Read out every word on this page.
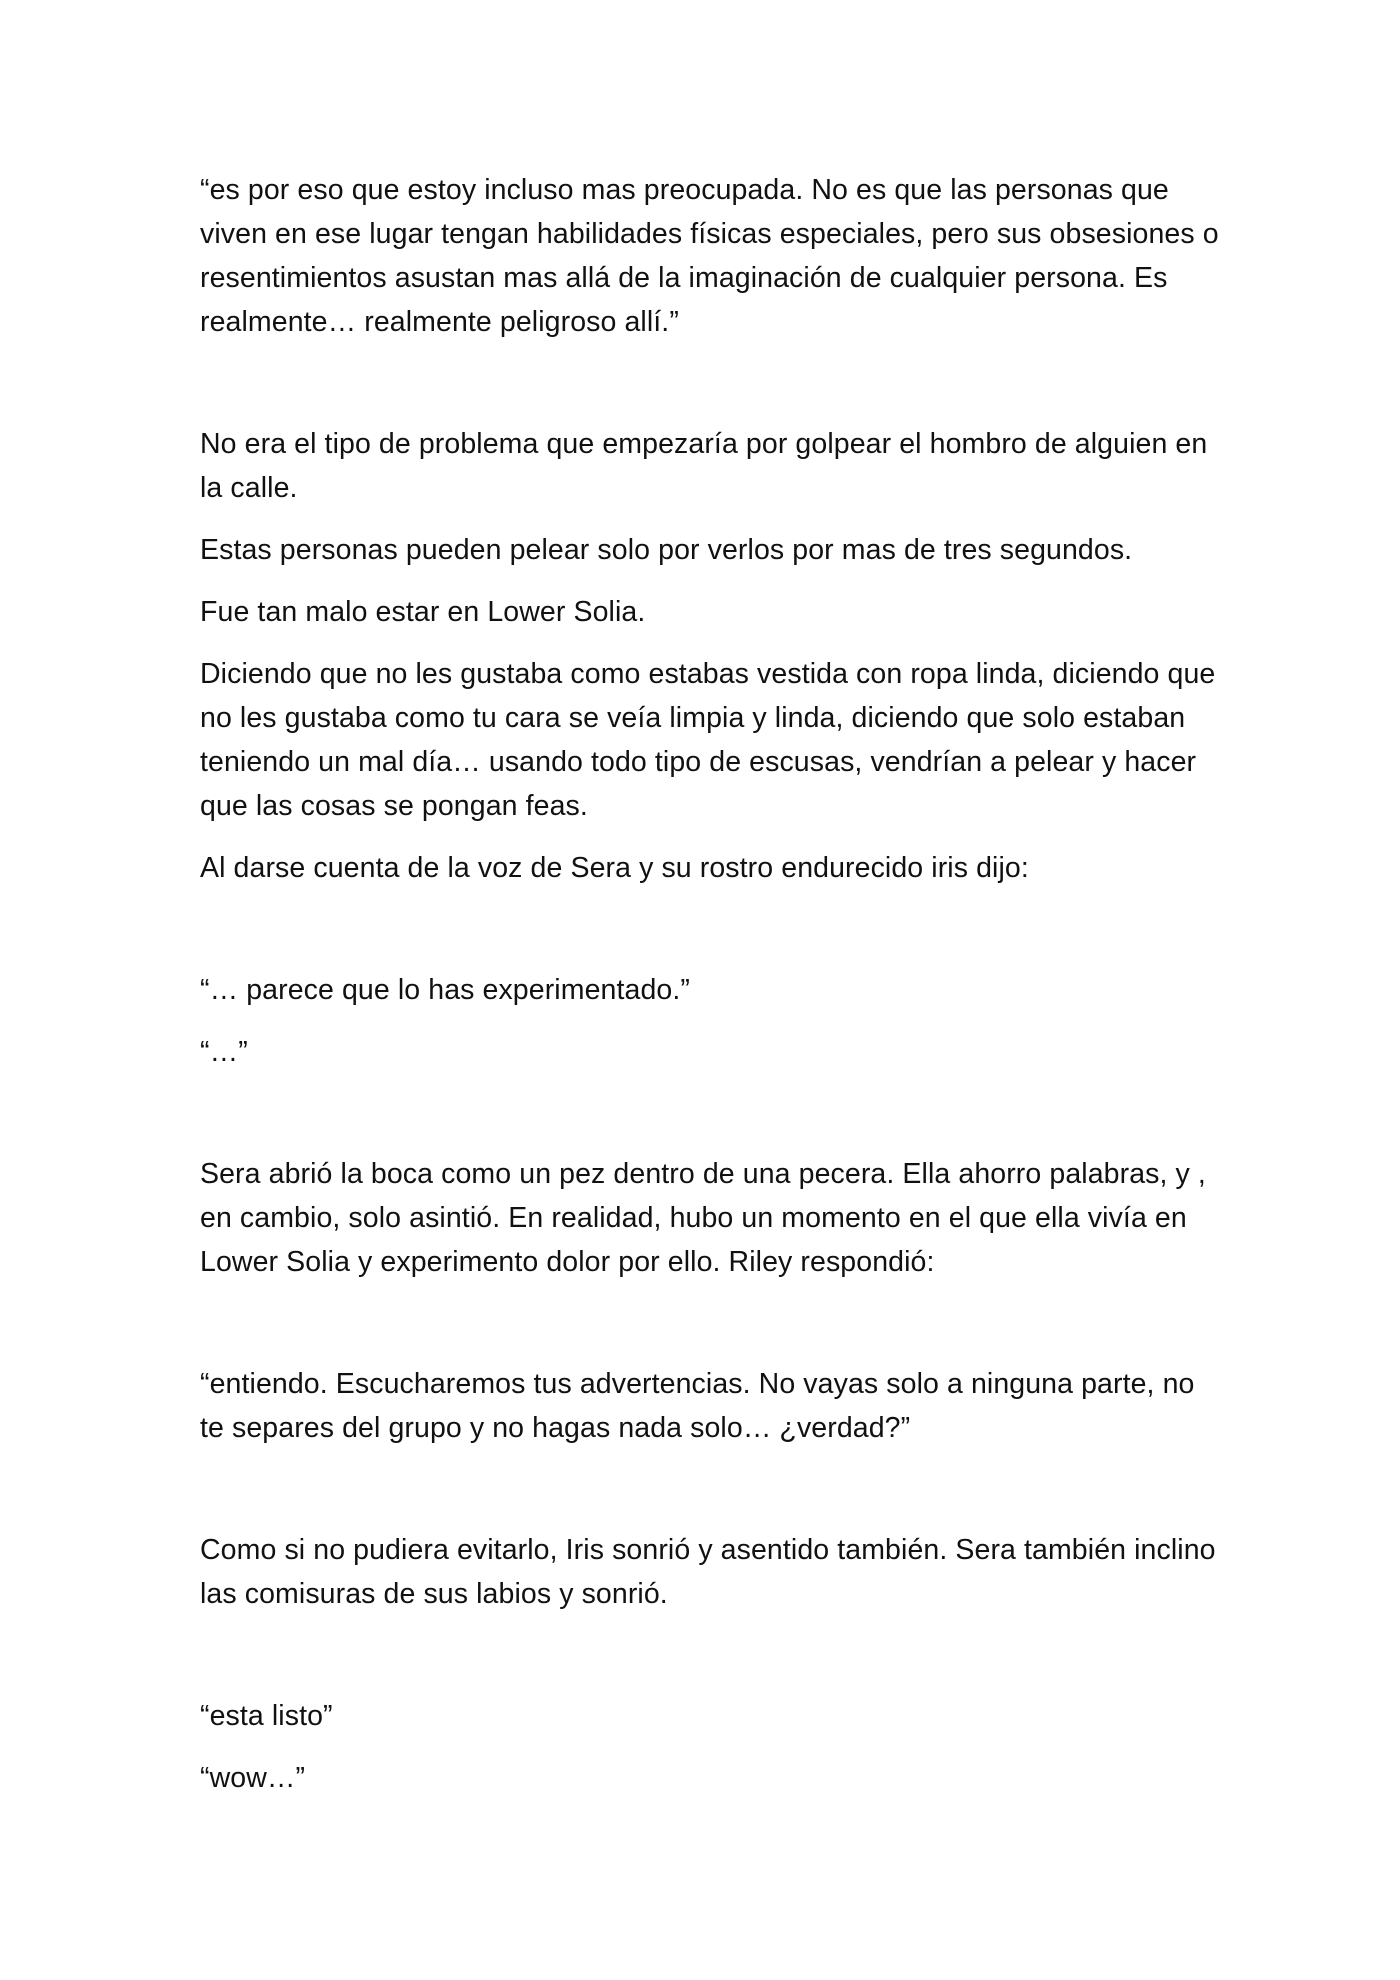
“es por eso que estoy incluso mas preocupada. No es que las personas que viven en ese lugar tengan habilidades físicas especiales, pero sus obsesiones o resentimientos asustan mas allá de la imaginación de cualquier persona. Es realmente… realmente peligroso allí.”

No era el tipo de problema que empezaría por golpear el hombro de alguien en la calle.

Estas personas pueden pelear solo por verlos por mas de tres segundos.

Fue tan malo estar en Lower Solia.

Diciendo que no les gustaba como estabas vestida con ropa linda, diciendo que no les gustaba como tu cara se veía limpia y linda, diciendo que solo estaban teniendo un mal día… usando todo tipo de escusas, vendrían a pelear y hacer que las cosas se pongan feas.

Al darse cuenta de la voz de Sera y su rostro endurecido iris dijo:

“… parece que lo has experimentado.”

“…”

Sera abrió la boca como un pez dentro de una pecera. Ella ahorro palabras, y , en cambio, solo asintió. En realidad, hubo un momento en el que ella vivía en Lower Solia y experimento dolor por ello. Riley respondió:

“entiendo. Escucharemos tus advertencias. No vayas solo a ninguna parte, no te separes del grupo y no hagas nada solo… ¿verdad?”

Como si no pudiera evitarlo, Iris sonrió y asentido también. Sera también inclino las comisuras de sus labios y sonrió.

“esta listo”

“wow…”
